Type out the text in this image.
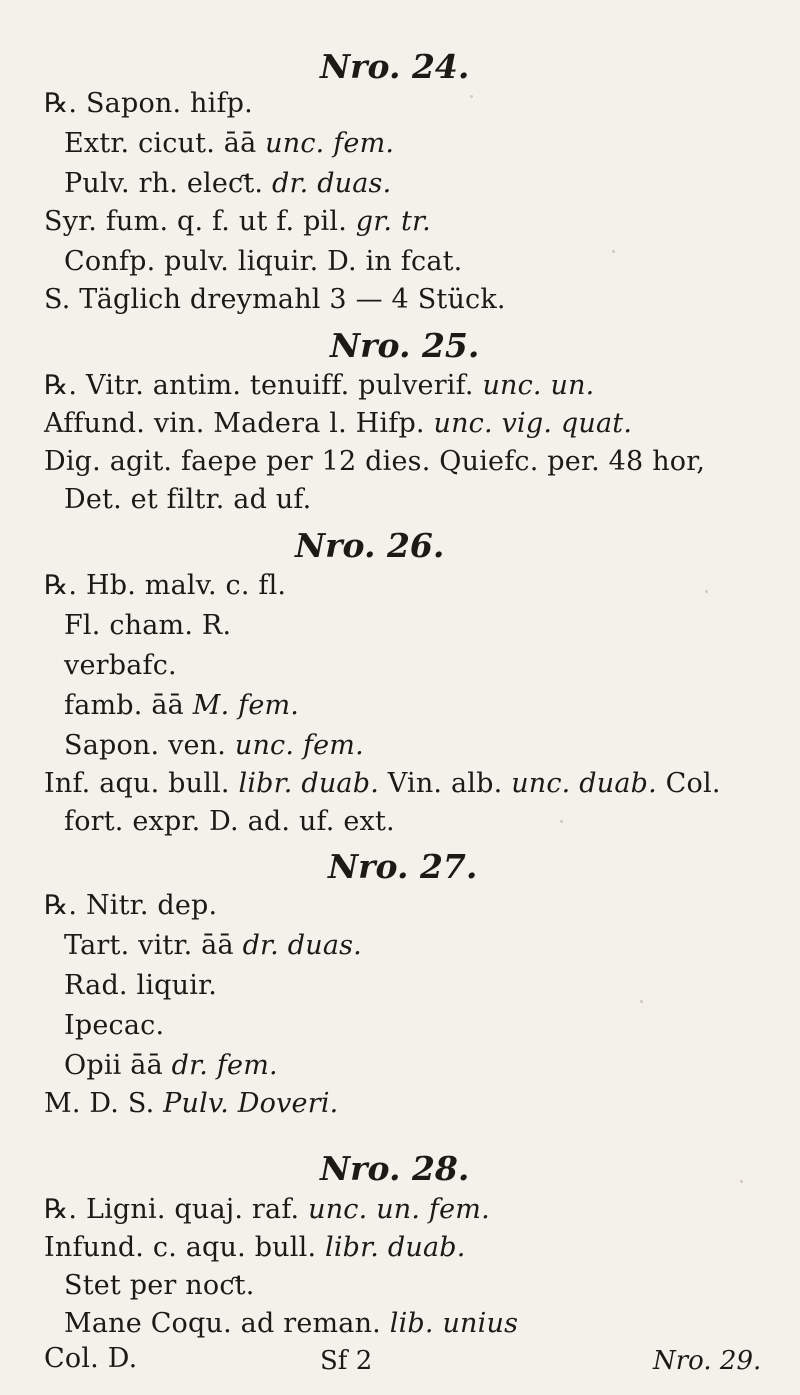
Nro. 24.
℞. Sapon. hifp.
Extr. cicut. āā unc. fem.
Pulv. rh. eleƈt. dr. duas.
Syr. fum. q. f. ut f. pil. gr. tr.
Confp. pulv. liquir. D. in fcat.
S. Täglich dreymahl 3 — 4 Stück.
Nro. 25.
℞. Vitr. antim. tenuiff. pulverif. unc. un.
Affund. vin. Madera l. Hifp. unc. vig. quat.
Dig. agit. faepe per 12 dies. Quiefc. per. 48 hor,
Det. et filtr. ad uf.
Nro. 26.
℞. Hb. malv. c. fl.
Fl. cham. R.
verbafc.
famb. āā M. fem.
Sapon. ven. unc. fem.
Inf. aqu. bull. libr. duab. Vin. alb. unc. duab. Col.
fort. expr. D. ad. uf. ext.
Nro. 27.
℞. Nitr. dep.
Tart. vitr. āā dr. duas.
Rad. liquir.
Ipecac.
Opii āā dr. fem.
M. D. S. Pulv. Doveri.
Nro. 28.
℞. Ligni. quaj. raf. unc. un. fem.
Infund. c. aqu. bull. libr. duab.
Stet per noƈt.
Mane Coqu. ad reman. lib. unius
Col. D.	Sf 2	Nro. 29.
